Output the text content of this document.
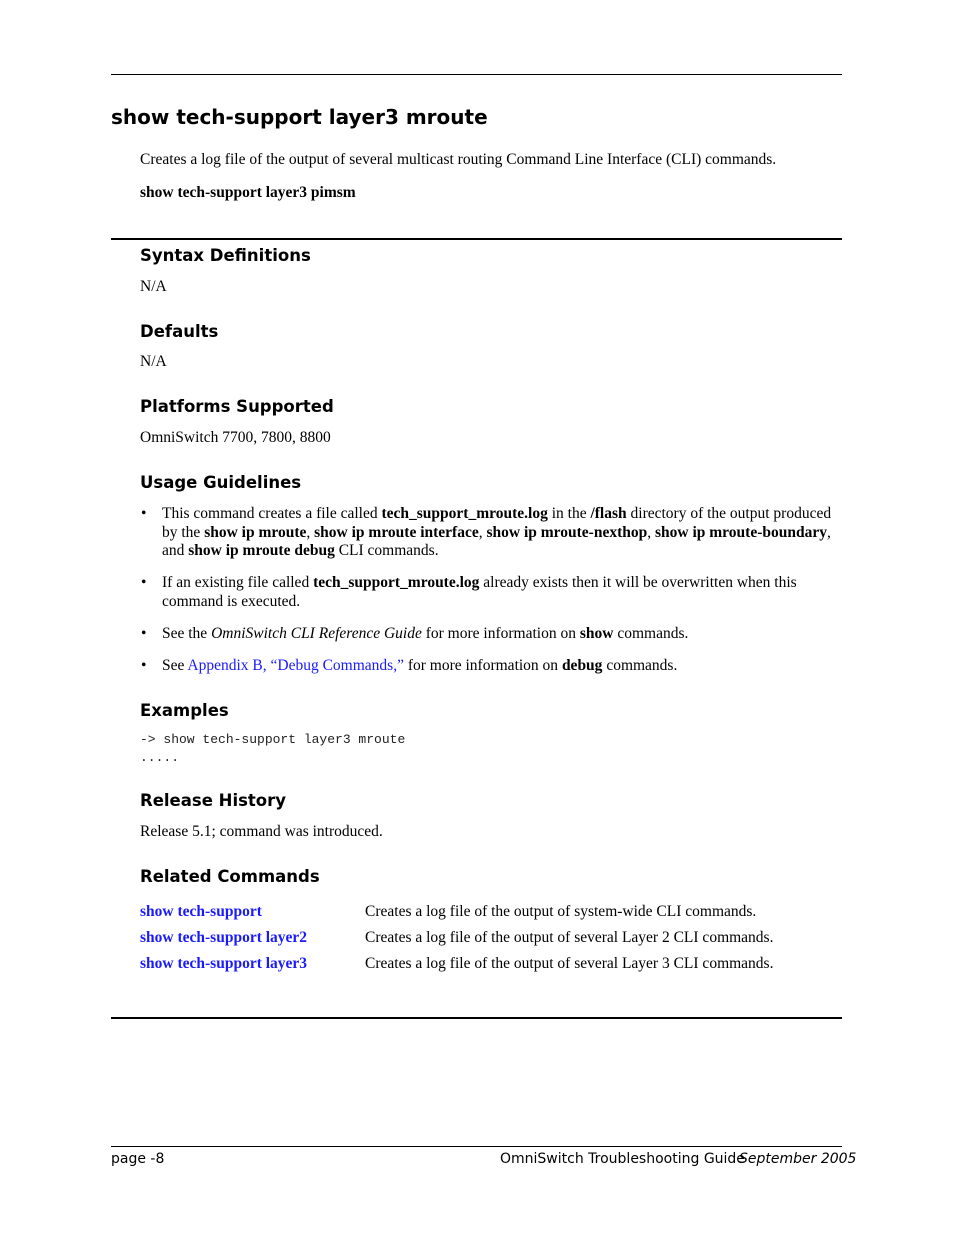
show tech-support layer3 mroute
Creates a log file of the output of several multicast routing Command Line Interface (CLI) commands.
show tech-support layer3 pimsm
Syntax Definitions
N/A
Defaults
N/A
Platforms Supported
OmniSwitch 7700, 7800, 8800
Usage Guidelines
• This command creates a file called tech_support_mroute.log in the /flash directory of the output produced by the show ip mroute, show ip mroute interface, show ip mroute-nexthop, show ip mroute-boundary, and show ip mroute debug CLI commands.
• If an existing file called tech_support_mroute.log already exists then it will be overwritten when this command is executed.
• See the OmniSwitch CLI Reference Guide for more information on show commands.
• See Appendix B, “Debug Commands,” for more information on debug commands.
Examples
-> show tech-support layer3 mroute
.....
Release History
Release 5.1; command was introduced.
Related Commands
show tech-support	Creates a log file of the output of system-wide CLI commands.
show tech-support layer2	Creates a log file of the output of several Layer 2 CLI commands.
show tech-support layer3	Creates a log file of the output of several Layer 3 CLI commands.
page -8	OmniSwitch Troubleshooting Guide
September 2005
